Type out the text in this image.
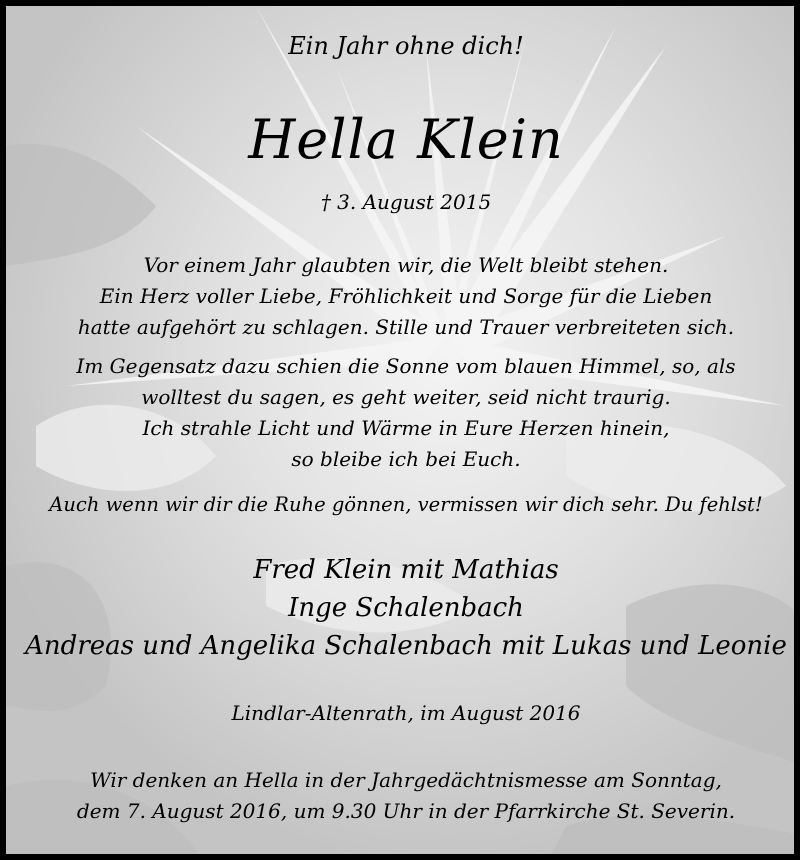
Ein Jahr ohne dich!
Hella Klein
† 3. August 2015
Vor einem Jahr glaubten wir, die Welt bleibt stehen.
Ein Herz voller Liebe, Fröhlichkeit und Sorge für die Lieben
hatte aufgehört zu schlagen. Stille und Trauer verbreiteten sich.
Im Gegensatz dazu schien die Sonne vom blauen Himmel, so, als
wolltest du sagen, es geht weiter, seid nicht traurig.
Ich strahle Licht und Wärme in Eure Herzen hinein,
so bleibe ich bei Euch.
Auch wenn wir dir die Ruhe gönnen, vermissen wir dich sehr. Du fehlst!
Fred Klein mit Mathias
Inge Schalenbach
Andreas und Angelika Schalenbach mit Lukas und Leonie
Lindlar-Altenrath, im August 2016
Wir denken an Hella in der Jahrgedächtnismesse am Sonntag,
dem 7. August 2016, um 9.30 Uhr in der Pfarrkirche St. Severin.
